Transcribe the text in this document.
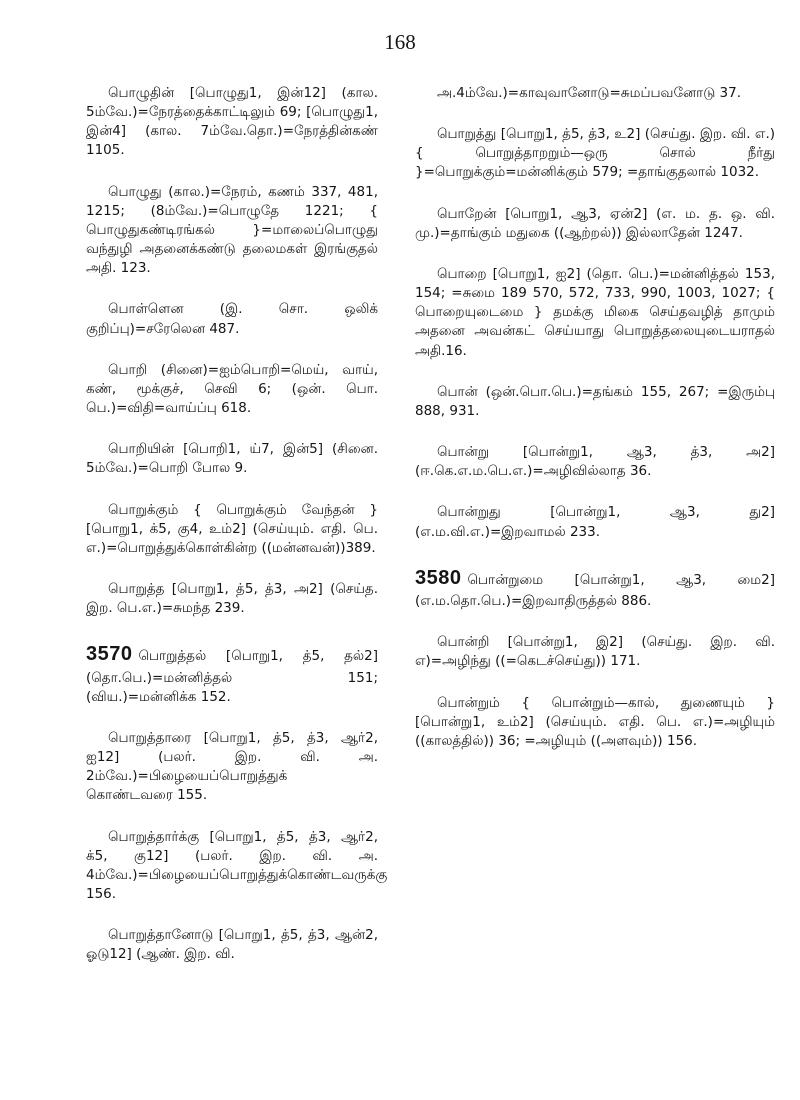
168

பொழுதின் [பொழுது1, இன்12] (கால. 5ம்வே.)=நேரத்தைக்காட்டிலும் 69; [பொழுது1, இன்4] (கால. 7ம்வே.தொ.)=நேரத்தின்கண் 1105.

பொழுது (கால.)=நேரம், கணம் 337, 481, 1215; (8ம்வே.)=பொழுதே 1221; { பொழுதுகண்டிரங்கல் }=மாலைப்பொழுது வந்துழி அதனைக்கண்டு தலைமகள் இரங்குதல் அதி. 123.

பொள்ளென (இ. சொ. ஒலிக் குறிப்பு)=சரேலென 487.

பொறி (சினை)=ஐம்பொறி=மெய், வாய், கண், மூக்குச், செவி 6; (ஒன். பொ. பெ.)=விதி=வாய்ப்பு 618.

பொறியின் [பொறி1, ய்7, இன்5] (சினை. 5ம்வே.)=பொறி போல 9.

பொறுக்கும் { பொறுக்கும் வேந்தன் } [பொறு1, க்5, கு4, உம்2] (செய்யும். எதி. பெ. எ.)=பொறுத்துக்கொள்கின்ற ((மன்னவன்))389.

பொறுத்த [பொறு1, த்5, த்3, அ2] (செய்த. இற. பெ.எ.)=சுமந்த 239.

3570 பொறுத்தல் [பொறு1, த்5, தல்2] (தொ.பெ.)=மன்னித்தல் 151; (விய.)=மன்னிக்க 152.

பொறுத்தாரை [பொறு1, த்5, த்3, ஆர்2, ஐ12] (பலர். இற. வி. அ. 2ம்வே.)=பிழையைப்பொறுத்துக் கொண்டவரை 155.

பொறுத்தார்க்கு [பொறு1, த்5, த்3, ஆர்2, க்5, கு12] (பலர். இற. வி. அ. 4ம்வே.)=பிழையைப்பொறுத்துக்கொண்டவருக்கு 156.

பொறுத்தானோடு [பொறு1, த்5, த்3, ஆன்2, ஓடு12] (ஆண். இற. வி.

அ.4ம்வே.)=காவுவானோடு=சுமப்பவனோடு 37.

பொறுத்து [பொறு1, த்5, த்3, உ2] (செய்து. இற. வி. எ.) { பொறுத்தாறறும்—ஒரு சொல் நீர்து }=பொறுக்கும்=மன்னிக்கும் 579; =தாங்குதலால் 1032.

பொறேன் [பொறு1, ஆ3, ஏன்2] (எ. ம. த. ஒ. வி. மு.)=தாங்கும் மதுகை ((ஆற்றல்)) இல்லாதேன் 1247.

பொறை [பொறு1, ஐ2] (தொ. பெ.)=மன்னித்தல் 153, 154; =சுமை 189 570, 572, 733, 990, 1003, 1027; { பொறையுடைமை } தமக்கு மிகை செய்தவழித் தாமும் அதனை அவன்கட் செய்யாது பொறுத்தலையுடையராதல் அதி.16.

பொன் (ஒன்.பொ.பெ.)=தங்கம் 155, 267; =இரும்பு 888, 931.

பொன்று [பொன்று1, ஆ3, த்3, அ2] (ஈ.கெ.எ.ம.பெ.எ.)=அழிவில்லாத 36.

பொன்றுது [பொன்று1, ஆ3, து2] (எ.ம.வி.எ.)=இறவாமல் 233.

3580 பொன்றுமை [பொன்று1, ஆ3, மை2] (எ.ம.தொ.பெ.)=இறவாதிருத்தல் 886.

பொன்றி [பொன்று1, இ2] (செய்து. இற. வி. எ)=அழிந்து ((=கெடச்செய்து)) 171.

பொன்றும் { பொன்றும்—கால், துணையும் } [பொன்று1, உம்2] (செய்யும். எதி. பெ. எ.)=அழியும் ((காலத்தில்)) 36; =அழியும் ((அளவும்)) 156.
